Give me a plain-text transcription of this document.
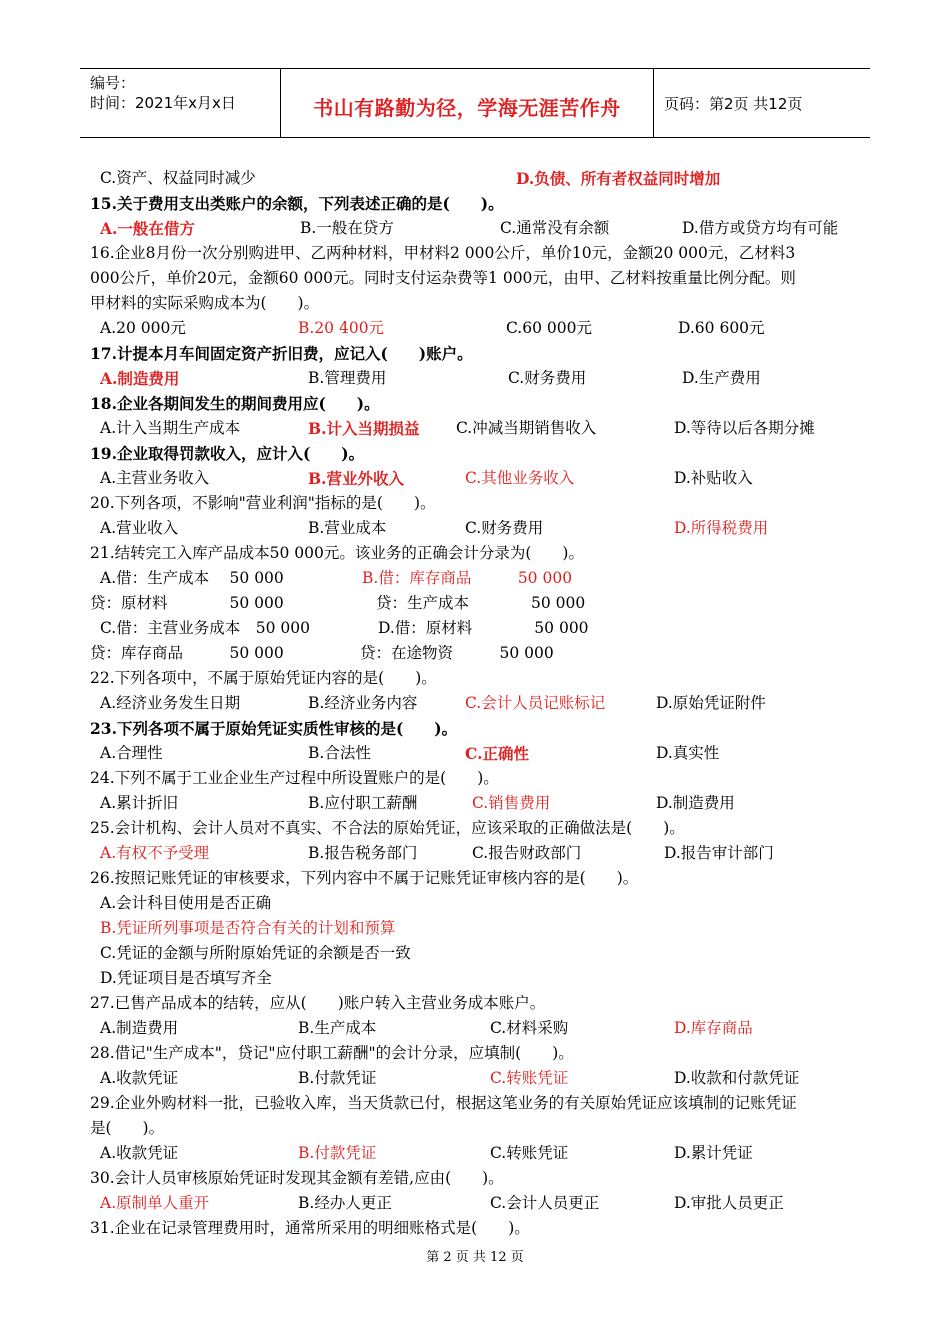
编号：
时间：2021年x月x日	书山有路勤为径，学海无涯苦作舟	页码：第2页 共12页
C.资产、权益同时减少	D.负债、所有者权益同时增加
15.关于费用支出类账户的余额，下列表述正确的是(　　)。
A.一般在借方	B.一般在贷方	C.通常没有余额	D.借方或贷方均有可能
16.企业8月份一次分别购进甲、乙两种材料，甲材料2 000公斤，单价10元，金额20 000元，乙材料3
000公斤，单价20元，金额60 000元。同时支付运杂费等1 000元，由甲、乙材料按重量比例分配。则
甲材料的实际采购成本为(　　)。
A.20 000元	B.20 400元	C.60 000元	D.60 600元
17.计提本月车间固定资产折旧费，应记入(　　)账户。
A.制造费用	B.管理费用	C.财务费用	D.生产费用
18.企业各期间发生的期间费用应(　　)。
A.计入当期生产成本	B.计入当期损益 C.冲减当期销售收入	D.等待以后各期分摊
19.企业取得罚款收入，应计入(　　)。
A.主营业务收入	B.营业外收入	C.其他业务收入	D.补贴收入
20.下列各项，不影响"营业利润"指标的是(　　)。
A.营业收入	B.营业成本	C.财务费用	D.所得税费用
21.结转完工入库产品成本50 000元。该业务的正确会计分录为(　　)。
A.借：生产成本　 50 000	B.借：库存商品　　　50 000
贷：原材料　　　　50 000	贷：生产成本　　　　50 000
C.借：主营业务成本　50 000	D.借：原材料　　　　50 000
贷：库存商品　　　50 000	贷：在途物资　　　50 000
22.下列各项中，不属于原始凭证内容的是(　　)。
A.经济业务发生日期	B.经济业务内容	C.会计人员记账标记	D.原始凭证附件
23.下列各项不属于原始凭证实质性审核的是(　　)。
A.合理性	B.合法性	C.正确性	D.真实性
24.下列不属于工业企业生产过程中所设置账户的是(　　)。
A.累计折旧	B.应付职工薪酬	C.销售费用	D.制造费用
25.会计机构、会计人员对不真实、不合法的原始凭证，应该采取的正确做法是(　　)。
A.有权不予受理	B.报告税务部门	C.报告财政部门	D.报告审计部门
26.按照记账凭证的审核要求，下列内容中不属于记账凭证审核内容的是(　　)。
A.会计科目使用是否正确
B.凭证所列事项是否符合有关的计划和预算
C.凭证的金额与所附原始凭证的余额是否一致
D.凭证项目是否填写齐全
27.已售产品成本的结转，应从(　　)账户转入主营业务成本账户。
A.制造费用	B.生产成本	C.材料采购	D.库存商品
28.借记"生产成本"，贷记"应付职工薪酬"的会计分录，应填制(　　)。
A.收款凭证	B.付款凭证	C.转账凭证	D.收款和付款凭证
29.企业外购材料一批，已验收入库，当天货款已付，根据这笔业务的有关原始凭证应该填制的记账凭证
是(　　)。
A.收款凭证	B.付款凭证	C.转账凭证	D.累计凭证
30.会计人员审核原始凭证时发现其金额有差错,应由(　　)。
A.原制单人重开	B.经办人更正	C.会计人员更正	D.审批人员更正
31.企业在记录管理费用时，通常所采用的明细账格式是(　　)。
第 2 页 共 12 页
